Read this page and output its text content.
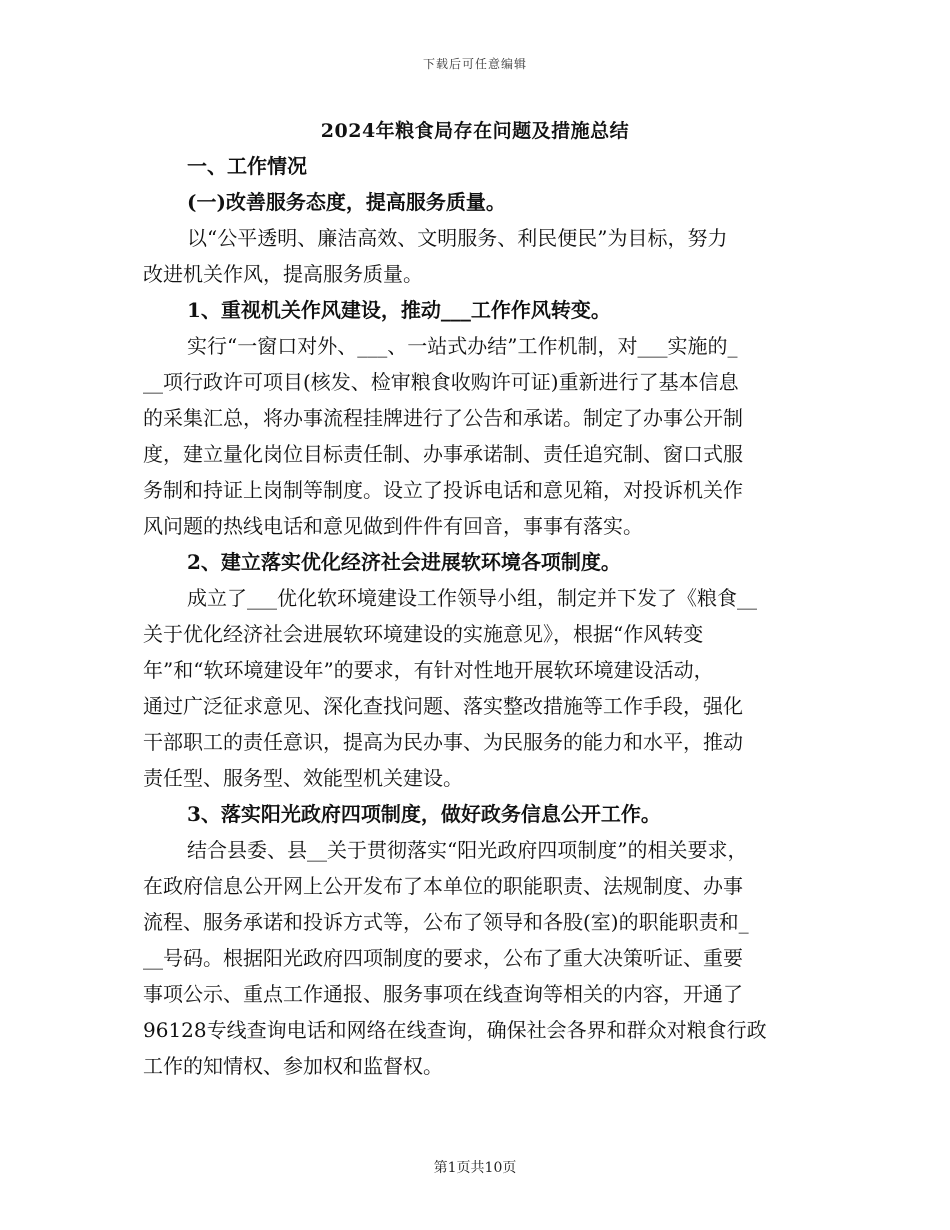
下载后可任意编辑
2024年粮食局存在问题及措施总结
一、工作情况
(一)改善服务态度，提高服务质量。
以“公平透明、廉洁高效、文明服务、利民便民”为目标，努力
改进机关作风，提高服务质量。
1、重视机关作风建设，推动___工作作风转变。
实行“一窗口对外、___、一站式办结”工作机制，对___实施的_
__项行政许可项目(核发、检审粮食收购许可证)重新进行了基本信息
的采集汇总，将办事流程挂牌进行了公告和承诺。制定了办事公开制
度，建立量化岗位目标责任制、办事承诺制、责任追究制、窗口式服
务制和持证上岗制等制度。设立了投诉电话和意见箱，对投诉机关作
风问题的热线电话和意见做到件件有回音，事事有落实。
2、建立落实优化经济社会进展软环境各项制度。
成立了___优化软环境建设工作领导小组，制定并下发了《粮食__
关于优化经济社会进展软环境建设的实施意见》，根据“作风转变
年”和“软环境建设年”的要求，有针对性地开展软环境建设活动，
通过广泛征求意见、深化查找问题、落实整改措施等工作手段，强化
干部职工的责任意识，提高为民办事、为民服务的能力和水平，推动
责任型、服务型、效能型机关建设。
3、落实阳光政府四项制度，做好政务信息公开工作。
结合县委、县__关于贯彻落实“阳光政府四项制度”的相关要求，
在政府信息公开网上公开发布了本单位的职能职责、法规制度、办事
流程、服务承诺和投诉方式等，公布了领导和各股(室)的职能职责和_
__号码。根据阳光政府四项制度的要求，公布了重大决策听证、重要
事项公示、重点工作通报、服务事项在线查询等相关的内容，开通了
96128专线查询电话和网络在线查询，确保社会各界和群众对粮食行政
工作的知情权、参加权和监督权。
第1页共10页
